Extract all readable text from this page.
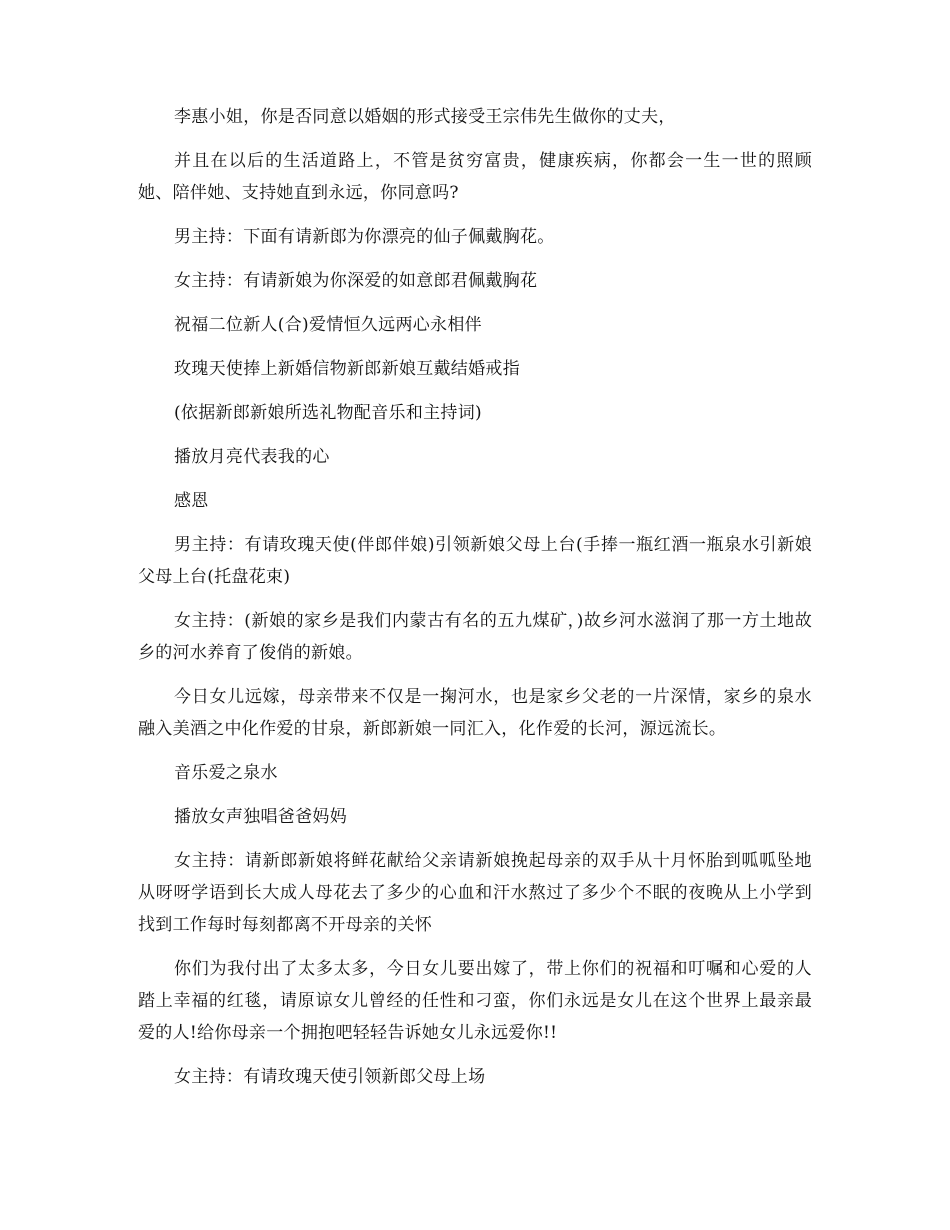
李惠小姐，你是否同意以婚姻的形式接受王宗伟先生做你的丈夫，

并且在以后的生活道路上，不管是贫穷富贵，健康疾病，你都会一生一世的照顾她、陪伴她、支持她直到永远，你同意吗?

男主持：下面有请新郎为你漂亮的仙子佩戴胸花。

女主持：有请新娘为你深爱的如意郎君佩戴胸花

祝福二位新人(合)爱情恒久远两心永相伴

玫瑰天使捧上新婚信物新郎新娘互戴结婚戒指

(依据新郎新娘所选礼物配音乐和主持词)

播放月亮代表我的心

感恩

男主持：有请玫瑰天使(伴郎伴娘)引领新娘父母上台(手捧一瓶红酒一瓶泉水引新娘父母上台(托盘花束)

女主持：(新娘的家乡是我们内蒙古有名的五九煤矿，)故乡河水滋润了那一方土地故乡的河水养育了俊俏的新娘。

今日女儿远嫁，母亲带来不仅是一掬河水，也是家乡父老的一片深情，家乡的泉水融入美酒之中化作爱的甘泉，新郎新娘一同汇入，化作爱的长河，源远流长。

音乐爱之泉水

播放女声独唱爸爸妈妈

女主持：请新郎新娘将鲜花献给父亲请新娘挽起母亲的双手从十月怀胎到呱呱坠地从呀呀学语到长大成人母花去了多少的心血和汗水熬过了多少个不眠的夜晚从上小学到找到工作每时每刻都离不开母亲的关怀

你们为我付出了太多太多，今日女儿要出嫁了，带上你们的祝福和叮嘱和心爱的人踏上幸福的红毯，请原谅女儿曾经的任性和刁蛮，你们永远是女儿在这个世界上最亲最爱的人!给你母亲一个拥抱吧轻轻告诉她女儿永远爱你!!

女主持：有请玫瑰天使引领新郎父母上场
